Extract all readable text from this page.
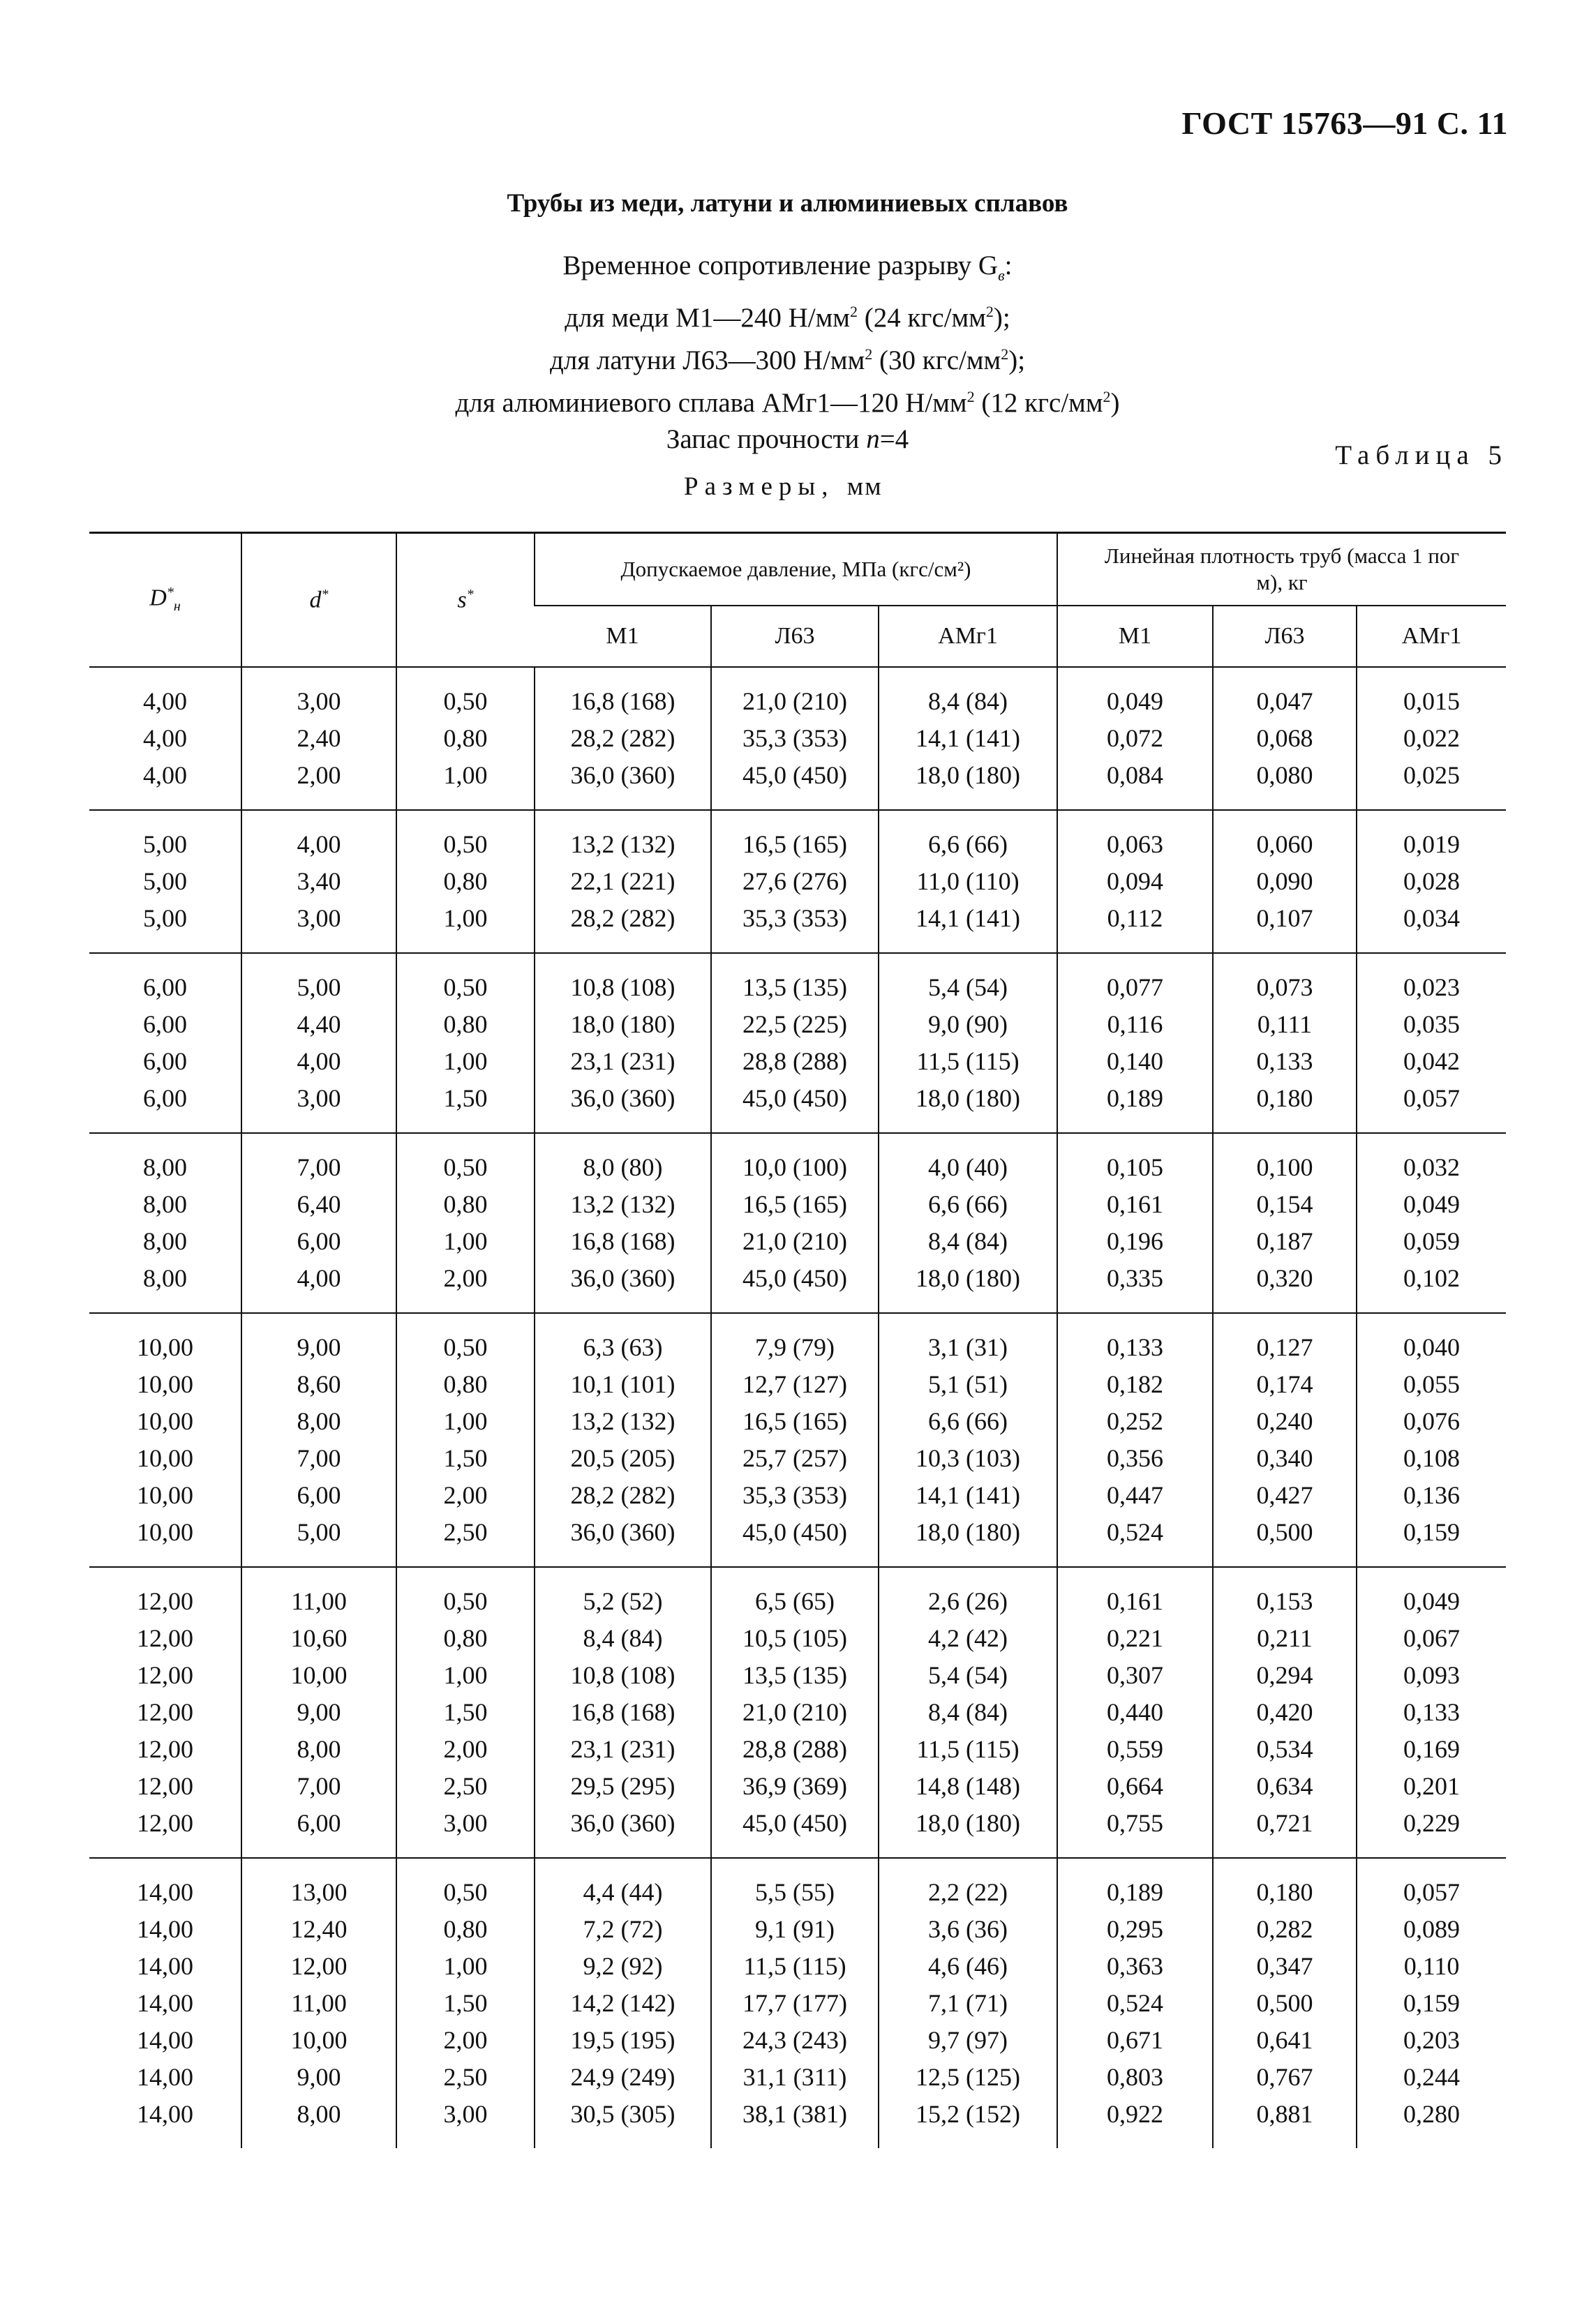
ГОСТ 15763—91 С. 11
Трубы из меди, латуни и алюминиевых сплавов
Временное сопротивление разрыву $G_в$:
для меди М1—240 $Н/мм^2$ (24 кгс/$мм^2$);
для латуни Л63—300 $Н/мм^2$ (30 кгс/$мм^2$);
для алюминиевого сплава АМг1—120 $Н/мм^2$ (12 кгс/$мм^2$)
Запас прочности n=4
Таблица 5
Размеры, мм
$D^*_н$	d*	s*	Допускаемое давление, МПа (кгс/см²)			Линейная плотность труб (масса 1 пог м), кг		
			М1	Л63	АМг1	М1	Л63	АМг1

4,00	3,00	0,50	16,8 (168)	21,0 (210)	8,4 (84)	0,049	0,047	0,015
4,00	2,40	0,80	28,2 (282)	35,3 (353)	14,1 (141)	0,072	0,068	0,022
4,00	2,00	1,00	36,0 (360)	45,0 (450)	18,0 (180)	0,084	0,080	0,025

5,00	4,00	0,50	13,2 (132)	16,5 (165)	6,6 (66)	0,063	0,060	0,019
5,00	3,40	0,80	22,1 (221)	27,6 (276)	11,0 (110)	0,094	0,090	0,028
5,00	3,00	1,00	28,2 (282)	35,3 (353)	14,1 (141)	0,112	0,107	0,034

6,00	5,00	0,50	10,8 (108)	13,5 (135)	5,4 (54)	0,077	0,073	0,023
6,00	4,40	0,80	18,0 (180)	22,5 (225)	9,0 (90)	0,116	0,111	0,035
6,00	4,00	1,00	23,1 (231)	28,8 (288)	11,5 (115)	0,140	0,133	0,042
6,00	3,00	1,50	36,0 (360)	45,0 (450)	18,0 (180)	0,189	0,180	0,057

8,00	7,00	0,50	8,0 (80)	10,0 (100)	4,0 (40)	0,105	0,100	0,032
8,00	6,40	0,80	13,2 (132)	16,5 (165)	6,6 (66)	0,161	0,154	0,049
8,00	6,00	1,00	16,8 (168)	21,0 (210)	8,4 (84)	0,196	0,187	0,059
8,00	4,00	2,00	36,0 (360)	45,0 (450)	18,0 (180)	0,335	0,320	0,102

10,00	9,00	0,50	6,3 (63)	7,9 (79)	3,1 (31)	0,133	0,127	0,040
10,00	8,60	0,80	10,1 (101)	12,7 (127)	5,1 (51)	0,182	0,174	0,055
10,00	8,00	1,00	13,2 (132)	16,5 (165)	6,6 (66)	0,252	0,240	0,076
10,00	7,00	1,50	20,5 (205)	25,7 (257)	10,3 (103)	0,356	0,340	0,108
10,00	6,00	2,00	28,2 (282)	35,3 (353)	14,1 (141)	0,447	0,427	0,136
10,00	5,00	2,50	36,0 (360)	45,0 (450)	18,0 (180)	0,524	0,500	0,159

12,00	11,00	0,50	5,2 (52)	6,5 (65)	2,6 (26)	0,161	0,153	0,049
12,00	10,60	0,80	8,4 (84)	10,5 (105)	4,2 (42)	0,221	0,211	0,067
12,00	10,00	1,00	10,8 (108)	13,5 (135)	5,4 (54)	0,307	0,294	0,093
12,00	9,00	1,50	16,8 (168)	21,0 (210)	8,4 (84)	0,440	0,420	0,133
12,00	8,00	2,00	23,1 (231)	28,8 (288)	11,5 (115)	0,559	0,534	0,169
12,00	7,00	2,50	29,5 (295)	36,9 (369)	14,8 (148)	0,664	0,634	0,201
12,00	6,00	3,00	36,0 (360)	45,0 (450)	18,0 (180)	0,755	0,721	0,229

14,00	13,00	0,50	4,4 (44)	5,5 (55)	2,2 (22)	0,189	0,180	0,057
14,00	12,40	0,80	7,2 (72)	9,1 (91)	3,6 (36)	0,295	0,282	0,089
14,00	12,00	1,00	9,2 (92)	11,5 (115)	4,6 (46)	0,363	0,347	0,110
14,00	11,00	1,50	14,2 (142)	17,7 (177)	7,1 (71)	0,524	0,500	0,159
14,00	10,00	2,00	19,5 (195)	24,3 (243)	9,7 (97)	0,671	0,641	0,203
14,00	9,00	2,50	24,9 (249)	31,1 (311)	12,5 (125)	0,803	0,767	0,244
14,00	8,00	3,00	30,5 (305)	38,1 (381)	15,2 (152)	0,922	0,881	0,280
